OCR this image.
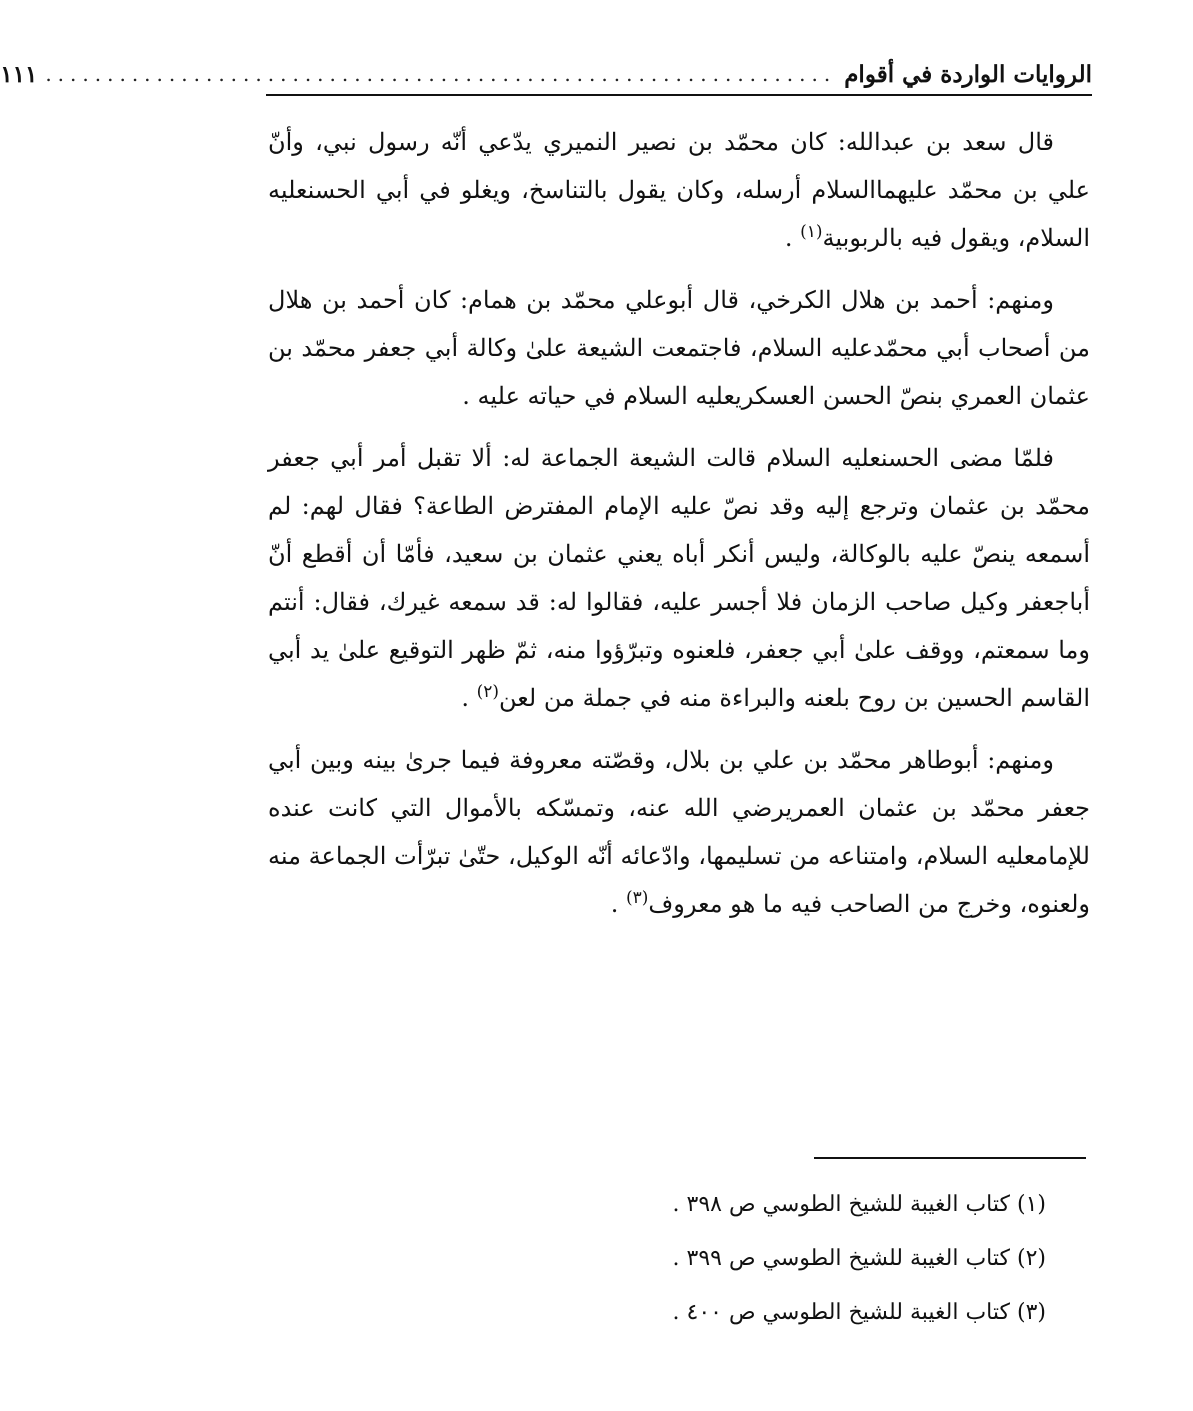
الروايات الواردة في أقوام
................................................................
١١١

قال سعد بن عبدالله: كان محمّد بن نصير النميري يدّعي أنّه رسول نبي، وأنّ علي بن محمّد عليهماالسلام أرسله، وكان يقول بالتناسخ، ويغلو في أبي الحسنعليه السلام، ويقول فيه بالربوبية$^{(١)}$ .

ومنهم: أحمد بن هلال الكرخي، قال أبوعلي محمّد بن همام: كان أحمد بن هلال من أصحاب أبي محمّدعليه السلام، فاجتمعت الشيعة علىٰ وكالة أبي جعفر محمّد بن عثمان العمري بنصّ الحسن العسكريعليه السلام في حياته عليه .

فلمّا مضى الحسنعليه السلام قالت الشيعة الجماعة له: ألا تقبل أمر أبي جعفر محمّد بن عثمان وترجع إليه وقد نصّ عليه الإمام المفترض الطاعة؟ فقال لهم: لم أسمعه ينصّ عليه بالوكالة، وليس أنكر أباه يعني عثمان بن سعيد، فأمّا أن أقطع أنّ أباجعفر وكيل صاحب الزمان فلا أجسر عليه، فقالوا له: قد سمعه غيرك، فقال: أنتم وما سمعتم، ووقف علىٰ أبي جعفر، فلعنوه وتبرّؤوا منه، ثمّ ظهر التوقيع علىٰ يد أبي القاسم الحسين بن روح بلعنه والبراءة منه في جملة من لعن$^{(٢)}$ .

ومنهم: أبوطاهر محمّد بن علي بن بلال، وقصّته معروفة فيما جرىٰ بينه وبين أبي جعفر محمّد بن عثمان العمريرضي الله عنه، وتمسّكه بالأموال التي كانت عنده للإمامعليه السلام، وامتناعه من تسليمها، وادّعائه أنّه الوكيل، حتّىٰ تبرّأت الجماعة منه ولعنوه، وخرج من الصاحب فيه ما هو معروف$^{(٣)}$ .

(١) كتاب الغيبة للشيخ الطوسي ص ٣٩٨ .
(٢) كتاب الغيبة للشيخ الطوسي ص ٣٩٩ .
(٣) كتاب الغيبة للشيخ الطوسي ص ٤٠٠ .
